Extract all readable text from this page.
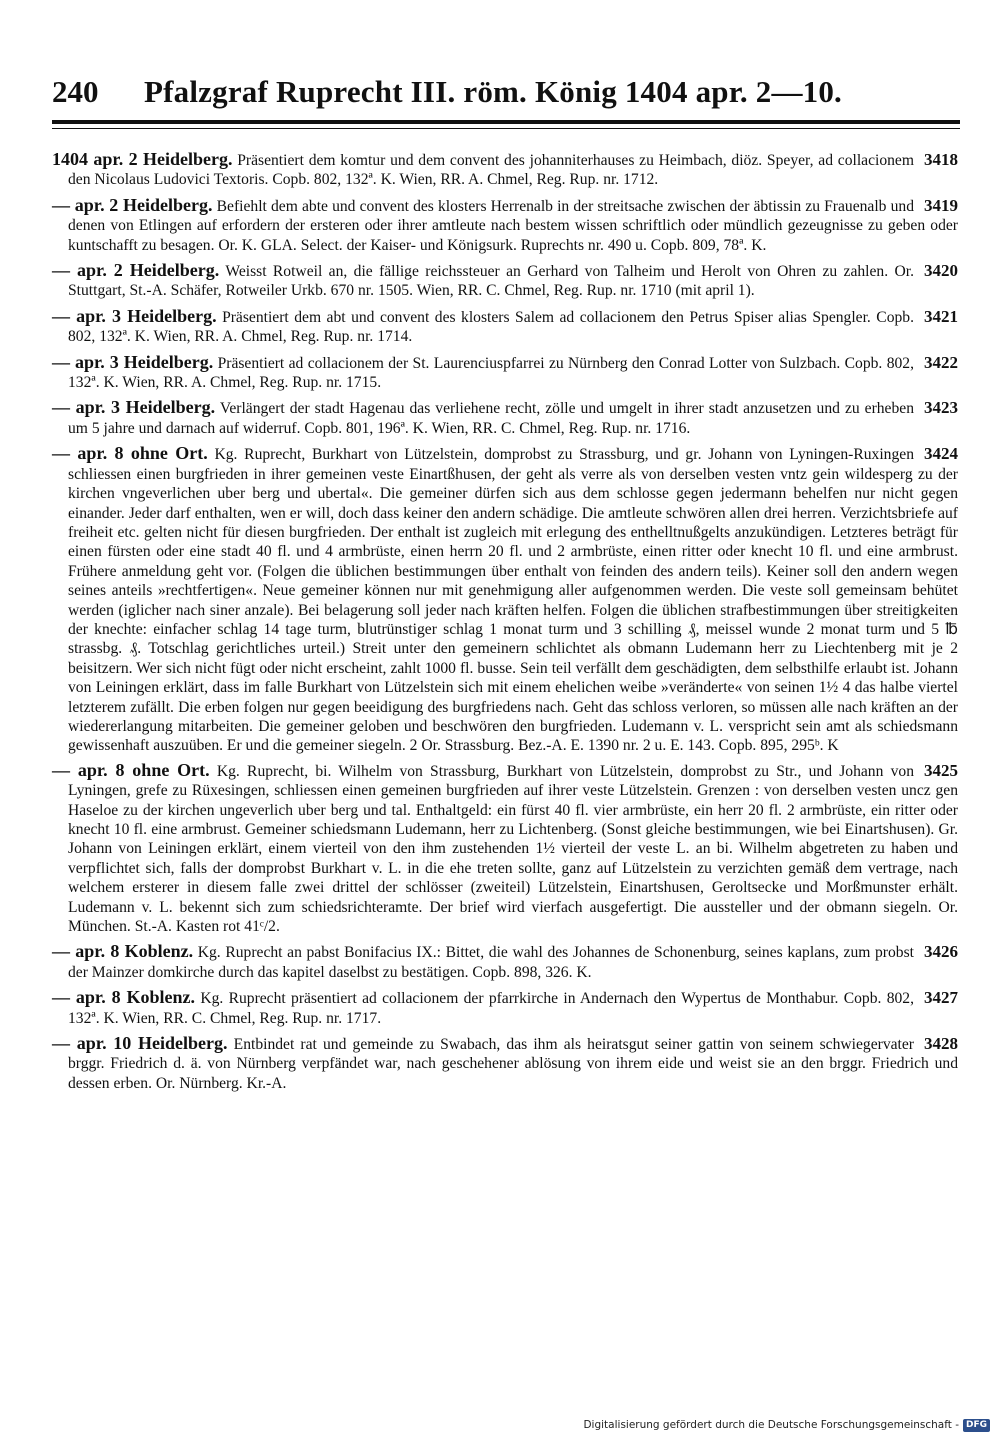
240 Pfalzgraf Ruprecht III. röm. König 1404 apr. 2—10.
3418
1404 apr. 2 Heidelberg. Präsentiert dem komtur und dem convent des johanniterhauses zu Heimbach, diöz. Speyer, ad collacionem den Nicolaus Ludovici Textoris. Copb. 802, 132ª. K. Wien, RR. A. Chmel, Reg. Rup. nr. 1712.
3419
— apr. 2 Heidelberg. Befiehlt dem abte und convent des klosters Herrenalb in der streitsache zwischen der äbtissin zu Frauenalb und denen von Etlingen auf erfordern der ersteren oder ihrer amtleute nach bestem wissen schriftlich oder mündlich gezeugnisse zu geben oder kuntschafft zu besagen. Or. K. GLA. Select. der Kaiser- und Königsurk. Ruprechts nr. 490 u. Copb. 809, 78ª. K.
3420
— apr. 2 Heidelberg. Weisst Rotweil an, die fällige reichssteuer an Gerhard von Talheim und Herolt von Ohren zu zahlen. Or. Stuttgart, St.-A. Schäfer, Rotweiler Urkb. 670 nr. 1505. Wien, RR. C. Chmel, Reg. Rup. nr. 1710 (mit april 1).
3421
— apr. 3 Heidelberg. Präsentiert dem abt und convent des klosters Salem ad collacionem den Petrus Spiser alias Spengler. Copb. 802, 132ª. K. Wien, RR. A. Chmel, Reg. Rup. nr. 1714.
3422
— apr. 3 Heidelberg. Präsentiert ad collacionem der St. Laurenciuspfarrei zu Nürnberg den Conrad Lotter von Sulzbach. Copb. 802, 132ª. K. Wien, RR. A. Chmel, Reg. Rup. nr. 1715.
3423
— apr. 3 Heidelberg. Verlängert der stadt Hagenau das verliehene recht, zölle und umgelt in ihrer stadt anzusetzen und zu erheben um 5 jahre und darnach auf widerruf. Copb. 801, 196ª. K. Wien, RR. C. Chmel, Reg. Rup. nr. 1716.
3424
— apr. 8 ohne Ort. Kg. Ruprecht, Burkhart von Lützelstein, domprobst zu Strassburg, und gr. Johann von Lyningen-Ruxingen schliessen einen burgfrieden in ihrer gemeinen veste Einartßhusen, der geht als verre als von derselben vesten vntz gein wildesperg zu der kirchen vngeverlichen uber berg und ubertal«. Die gemeiner dürfen sich aus dem schlosse gegen jedermann behelfen nur nicht gegen einander. Jeder darf enthalten, wen er will, doch dass keiner den andern schädige. Die amtleute schwören allen drei herren. Verzichtsbriefe auf freiheit etc. gelten nicht für diesen burgfrieden. Der enthalt ist zugleich mit erlegung des enthelltnußgelts anzukündigen. Letzteres beträgt für einen fürsten oder eine stadt 40 fl. und 4 armbrüste, einen herrn 20 fl. und 2 armbrüste, einen ritter oder knecht 10 fl. und eine armbrust. Frühere anmeldung geht vor. (Folgen die üblichen bestimmungen über enthalt von feinden des andern teils). Keiner soll den andern wegen seines anteils »rechtfertigen«. Neue gemeiner können nur mit genehmigung aller aufgenommen werden. Die veste soll gemeinsam behütet werden (iglicher nach siner anzale). Bei belagerung soll jeder nach kräften helfen. Folgen die üblichen strafbestimmungen über streitigkeiten der knechte: einfacher schlag 14 tage turm, blutrünstiger schlag 1 monat turm und 3 schilling ₰, meissel wunde 2 monat turm und 5 ℔ strassbg. ₰. Totschlag gerichtliches urteil.) Streit unter den gemeinern schlichtet als obmann Ludemann herr zu Liechtenberg mit je 2 beisitzern. Wer sich nicht fügt oder nicht erscheint, zahlt 1000 fl. busse. Sein teil verfällt dem geschädigten, dem selbsthilfe erlaubt ist. Johann von Leiningen erklärt, dass im falle Burkhart von Lützelstein sich mit einem ehelichen weibe »veränderte« von seinen 1½ 4 das halbe viertel letzterem zufällt. Die erben folgen nur gegen beeidigung des burgfriedens nach. Geht das schloss verloren, so müssen alle nach kräften an der wiedererlangung mitarbeiten. Die gemeiner geloben und beschwören den burgfrieden. Ludemann v. L. verspricht sein amt als schiedsmann gewissenhaft auszuüben. Er und die gemeiner siegeln. 2 Or. Strassburg. Bez.-A. E. 1390 nr. 2 u. E. 143. Copb. 895, 295ᵇ. K
3425
— apr. 8 ohne Ort. Kg. Ruprecht, bi. Wilhelm von Strassburg, Burkhart von Lützelstein, domprobst zu Str., und Johann von Lyningen, grefe zu Rüxesingen, schliessen einen gemeinen burgfrieden auf ihrer veste Lützelstein. Grenzen : von derselben vesten uncz gen Haseloe zu der kirchen ungeverlich uber berg und tal. Enthaltgeld: ein fürst 40 fl. vier armbrüste, ein herr 20 fl. 2 armbrüste, ein ritter oder knecht 10 fl. eine armbrust. Gemeiner schiedsmann Ludemann, herr zu Lichtenberg. (Sonst gleiche bestimmungen, wie bei Einartshusen). Gr. Johann von Leiningen erklärt, einem vierteil von den ihm zustehenden 1½ vierteil der veste L. an bi. Wilhelm abgetreten zu haben und verpflichtet sich, falls der domprobst Burkhart v. L. in die ehe treten sollte, ganz auf Lützelstein zu verzichten gemäß dem vertrage, nach welchem ersterer in diesem falle zwei drittel der schlösser (zweiteil) Lützelstein, Einartshusen, Geroltsecke und Morßmunster erhält. Ludemann v. L. bekennt sich zum schiedsrichteramte. Der brief wird vierfach ausgefertigt. Die aussteller und der obmann siegeln. Or. München. St.-A. Kasten rot 41ᶜ/2.
3426
— apr. 8 Koblenz. Kg. Ruprecht an pabst Bonifacius IX.: Bittet, die wahl des Johannes de Schonenburg, seines kaplans, zum probst der Mainzer domkirche durch das kapitel daselbst zu bestätigen. Copb. 898, 326. K.
3427
— apr. 8 Koblenz. Kg. Ruprecht präsentiert ad collacionem der pfarrkirche in Andernach den Wypertus de Monthabur. Copb. 802, 132ª. K. Wien, RR. C. Chmel, Reg. Rup. nr. 1717.
3428
— apr. 10 Heidelberg. Entbindet rat und gemeinde zu Swabach, das ihm als heiratsgut seiner gattin von seinem schwiegervater brggr. Friedrich d. ä. von Nürnberg verpfändet war, nach geschehener ablösung von ihrem eide und weist sie an den brggr. Friedrich und dessen erben. Or. Nürnberg. Kr.-A.
Digitalisierung gefördert durch die Deutsche Forschungsgemeinschaft - DFG
